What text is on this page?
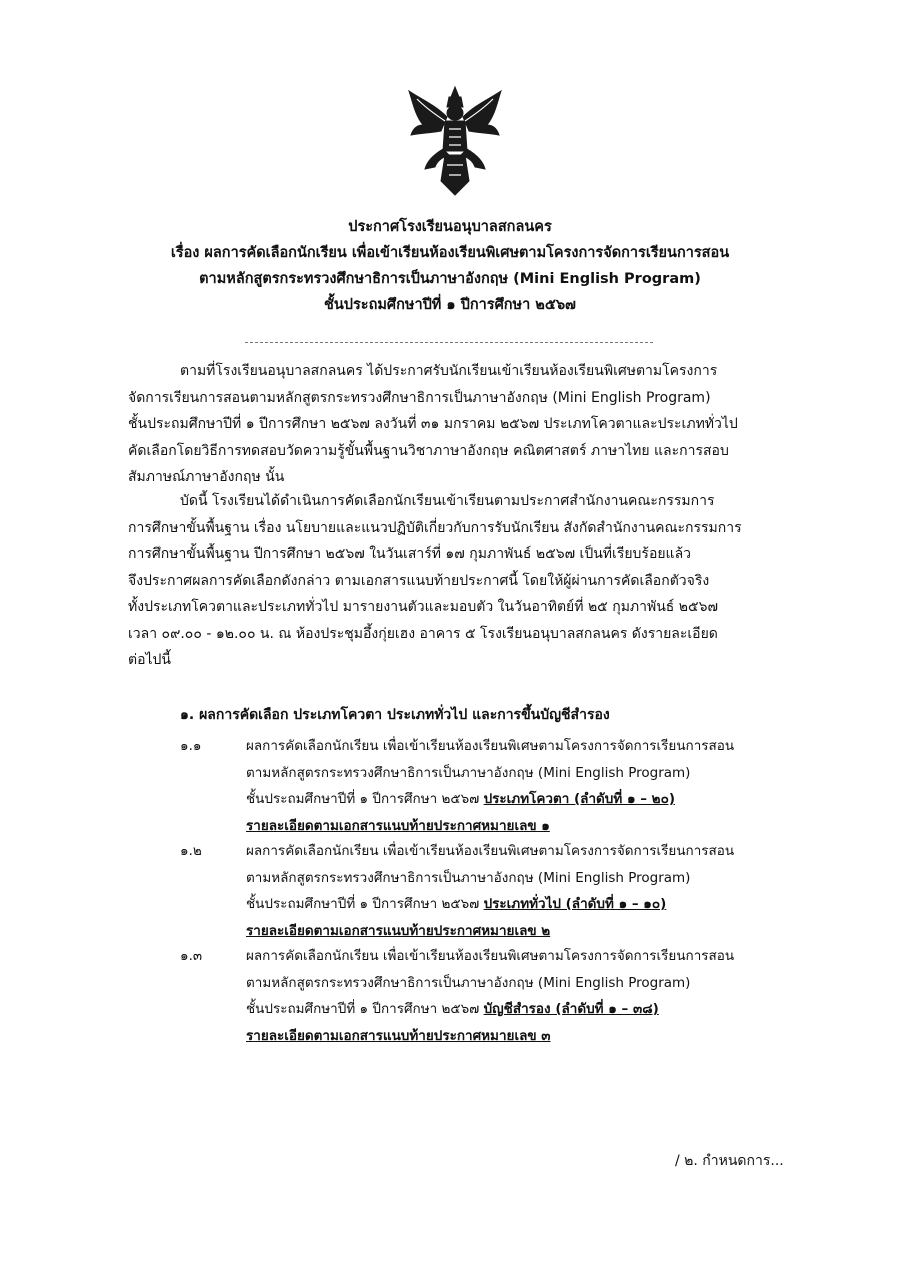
ประกาศโรงเรียนอนุบาลสกลนคร
เรื่อง ผลการคัดเลือกนักเรียน เพื่อเข้าเรียนห้องเรียนพิเศษตามโครงการจัดการเรียนการสอน
ตามหลักสูตรกระทรวงศึกษาธิการเป็นภาษาอังกฤษ (Mini English Program)
ชั้นประถมศึกษาปีที่ ๑ ปีการศึกษา ๒๕๖๗
ตามที่โรงเรียนอนุบาลสกลนคร ได้ประกาศรับนักเรียนเข้าเรียนห้องเรียนพิเศษตามโครงการ
จัดการเรียนการสอนตามหลักสูตรกระทรวงศึกษาธิการเป็นภาษาอังกฤษ (Mini English Program)
ชั้นประถมศึกษาปีที่ ๑ ปีการศึกษา ๒๕๖๗ ลงวันที่ ๓๑ มกราคม ๒๕๖๗ ประเภทโควตาและประเภททั่วไป
คัดเลือกโดยวิธีการทดสอบวัดความรู้ขั้นพื้นฐานวิชาภาษาอังกฤษ คณิตศาสตร์ ภาษาไทย และการสอบ
สัมภาษณ์ภาษาอังกฤษ นั้น
บัดนี้ โรงเรียนได้ดำเนินการคัดเลือกนักเรียนเข้าเรียนตามประกาศสำนักงานคณะกรรมการ
การศึกษาขั้นพื้นฐาน เรื่อง นโยบายและแนวปฏิบัติเกี่ยวกับการรับนักเรียน สังกัดสำนักงานคณะกรรมการ
การศึกษาขั้นพื้นฐาน ปีการศึกษา ๒๕๖๗ ในวันเสาร์ที่ ๑๗ กุมภาพันธ์ ๒๕๖๗ เป็นที่เรียบร้อยแล้ว
จึงประกาศผลการคัดเลือกดังกล่าว ตามเอกสารแนบท้ายประกาศนี้ โดยให้ผู้ผ่านการคัดเลือกตัวจริง
ทั้งประเภทโควตาและประเภททั่วไป มารายงานตัวและมอบตัว ในวันอาทิตย์ที่ ๒๕ กุมภาพันธ์ ๒๕๖๗
เวลา ๐๙.๐๐ - ๑๒.๐๐ น. ณ ห้องประชุมอึ้งกุ่ยเฮง อาคาร ๕ โรงเรียนอนุบาลสกลนคร ดังรายละเอียด
ต่อไปนี้
๑. ผลการคัดเลือก ประเภทโควตา ประเภททั่วไป และการขึ้นบัญชีสำรอง
๑.๑	ผลการคัดเลือกนักเรียน เพื่อเข้าเรียนห้องเรียนพิเศษตามโครงการจัดการเรียนการสอน
ตามหลักสูตรกระทรวงศึกษาธิการเป็นภาษาอังกฤษ (Mini English Program)
ชั้นประถมศึกษาปีที่ ๑ ปีการศึกษา ๒๕๖๗ ประเภทโควตา (ลำดับที่ ๑ – ๒๐)
รายละเอียดตามเอกสารแนบท้ายประกาศหมายเลข ๑
๑.๒	ผลการคัดเลือกนักเรียน เพื่อเข้าเรียนห้องเรียนพิเศษตามโครงการจัดการเรียนการสอน
ตามหลักสูตรกระทรวงศึกษาธิการเป็นภาษาอังกฤษ (Mini English Program)
ชั้นประถมศึกษาปีที่ ๑ ปีการศึกษา ๒๕๖๗ ประเภททั่วไป (ลำดับที่ ๑ – ๑๐)
รายละเอียดตามเอกสารแนบท้ายประกาศหมายเลข ๒
๑.๓	ผลการคัดเลือกนักเรียน เพื่อเข้าเรียนห้องเรียนพิเศษตามโครงการจัดการเรียนการสอน
ตามหลักสูตรกระทรวงศึกษาธิการเป็นภาษาอังกฤษ (Mini English Program)
ชั้นประถมศึกษาปีที่ ๑ ปีการศึกษา ๒๕๖๗ บัญชีสำรอง (ลำดับที่ ๑ – ๓๘)
รายละเอียดตามเอกสารแนบท้ายประกาศหมายเลข ๓
/ ๒. กำหนดการ...
